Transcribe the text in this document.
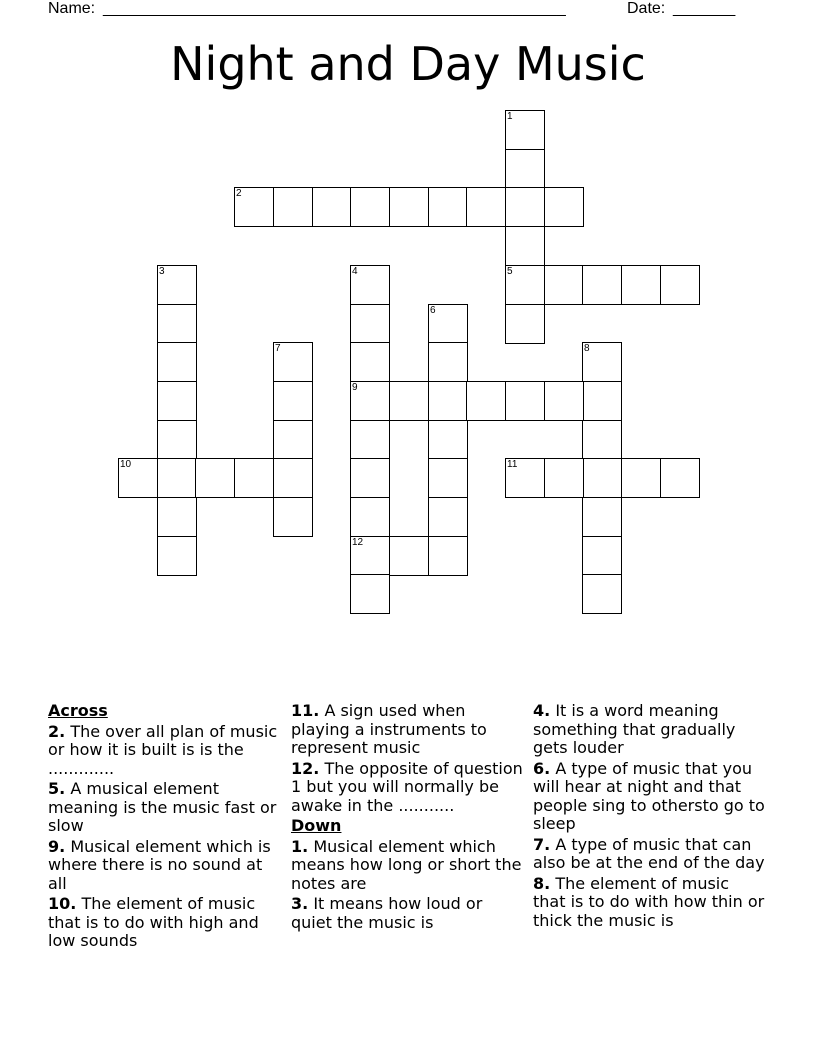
Name: ____________________________________________________	Date: _______
Night and Day Music
1
5
2
3	4
9
12
6
7	8
10	11
Across
2. The over all plan of music or how it is built is is the .............
5. A musical element meaning is the music fast or slow
9. Musical element which is where there is no sound at all
10. The element of music that is to do with high and low sounds
11. A sign used when playing a instruments to represent music
12. The opposite of question 1 but you will normally be awake in the ...........
Down
1. Musical element which means how long or short the notes are
3. It means how loud or quiet the music is
4. It is a word meaning something that gradually gets louder
6. A type of music that you will hear at night and that people sing to othersto go to sleep
7. A type of music that can also be at the end of the day
8. The element of music that is to do with how thin or thick the music is
